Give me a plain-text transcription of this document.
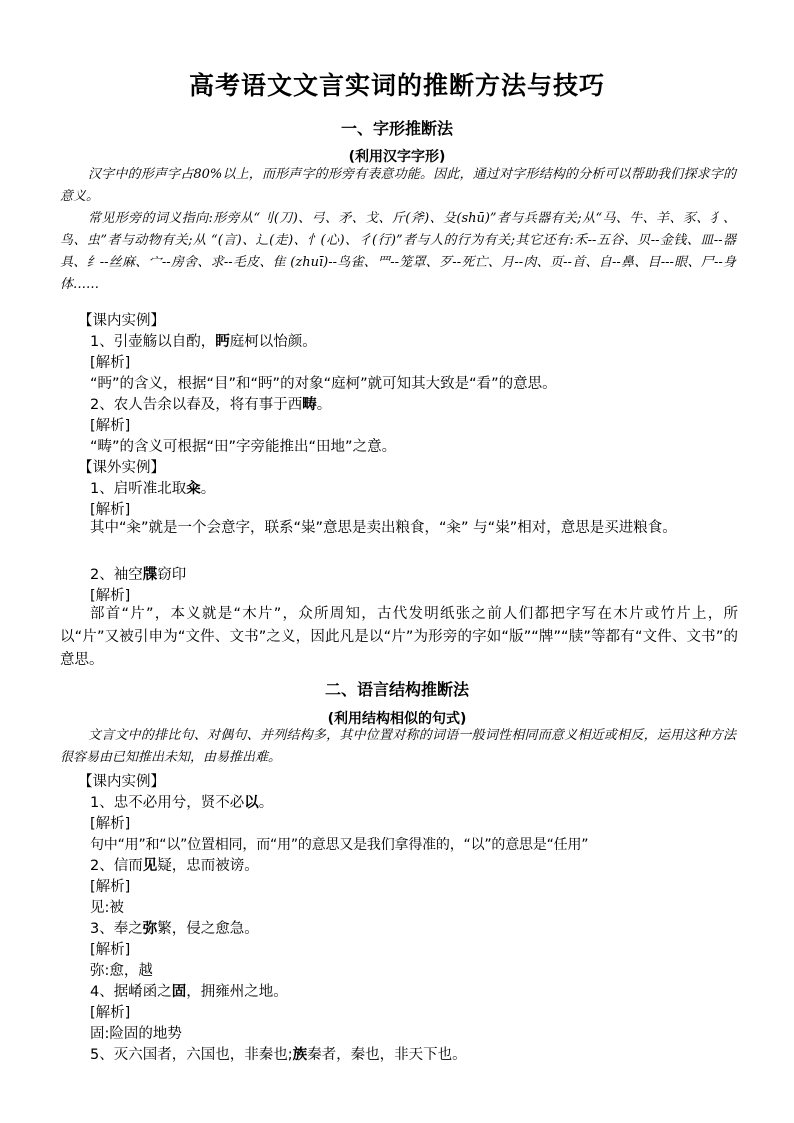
高考语文文言实词的推断方法与技巧
一、字形推断法
(利用汉字字形)

汉字中的形声字占80%以上，而形声字的形旁有表意功能。因此，通过对字形结构的分析可以帮助我们探求字的意义。

常见形旁的词义指向:形旁从“刂(刀)、弓、矛、戈、斤(斧)、殳(shū)”者与兵器有关;从“马、牛、羊、豕、犭、鸟、虫”者与动物有关;从 “(言)、辶(走)、忄(心)、彳(行)”者与人的行为有关;其它还有:禾--五谷、贝--金钱、皿--器具、纟--丝麻、宀--房舍、求--毛皮、隹 (zhuī)--鸟雀、罒--笼罩、歹--死亡、月--肉、页--首、自--鼻、目---眼、尸--身体……

【课内实例】
1、引壶觞以自酌，眄庭柯以怡颜。
[解析]
“眄”的含义，根据“目”和“眄”的对象“庭柯”就可知其大致是“看”的意思。
2、农人告余以春及，将有事于西畴。
[解析]
“畴”的含义可根据“田”字旁能推出“田地”之意。
【课外实例】
1、启听准北取籴。
[解析]
其中“籴”就是一个会意字，联系“粜”意思是卖出粮食，“籴” 与“粜”相对，意思是买进粮食。
2、袖空牒窃印
[解析]
部首“片”，本义就是“木片”，众所周知，古代发明纸张之前人们都把字写在木片或竹片上，所以“片”又被引申为“文件、文书”之义，因此凡是以“片”为形旁的字如“版”“牌”“牍”等都有“文件、文书”的意思。
二、语言结构推断法
(利用结构相似的句式)

文言文中的排比句、对偶句、并列结构多，其中位置对称的词语一般词性相同而意义相近或相反，运用这种方法很容易由已知推出未知，由易推出难。

【课内实例】
1、忠不必用兮，贤不必以。
[解析]
句中“用”和“以”位置相同，而“用”的意思又是我们拿得准的，“以”的意思是“任用”
2、信而见疑，忠而被谤。
[解析]
见:被
3、奉之弥繁，侵之愈急。
[解析]
弥:愈，越
4、据崤函之固，拥雍州之地。
[解析]
固:险固的地势
5、灭六国者，六国也，非秦也;族秦者，秦也，非天下也。
